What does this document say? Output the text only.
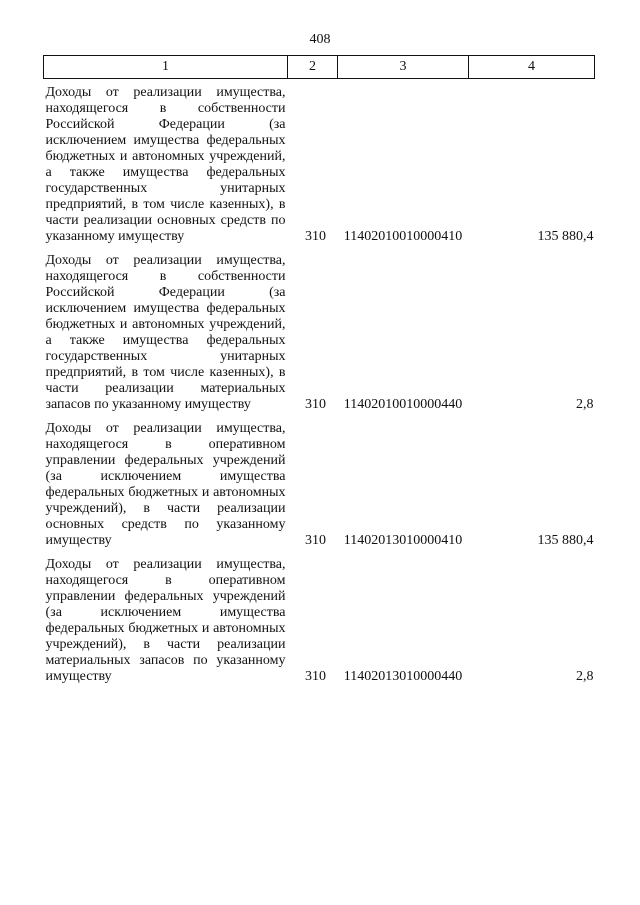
408
1	2	3	4
Доходы от реализации имущества, находящегося в собственности Российской Федерации (за исключением имущества федеральных бюджетных и автономных учреждений, а также имущества федеральных государственных унитарных предприятий, в том числе казенных), в части реализации основных средств по указанному имуществу	310	11402010010000410	135 880,4
Доходы от реализации имущества, находящегося в собственности Российской Федерации (за исключением имущества федеральных бюджетных и автономных учреждений, а также имущества федеральных государственных унитарных предприятий, в том числе казенных), в части реализации материальных запасов по указанному имуществу	310	11402010010000440	2,8
Доходы от реализации имущества, находящегося в оперативном управлении федеральных учреждений (за исключением имущества федеральных бюджетных и автономных учреждений), в части реализации основных средств по указанному имуществу	310	11402013010000410	135 880,4
Доходы от реализации имущества, находящегося в оперативном управлении федеральных учреждений (за исключением имущества федеральных бюджетных и автономных учреждений), в части реализации материальных запасов по указанному имуществу	310	11402013010000440	2,8
